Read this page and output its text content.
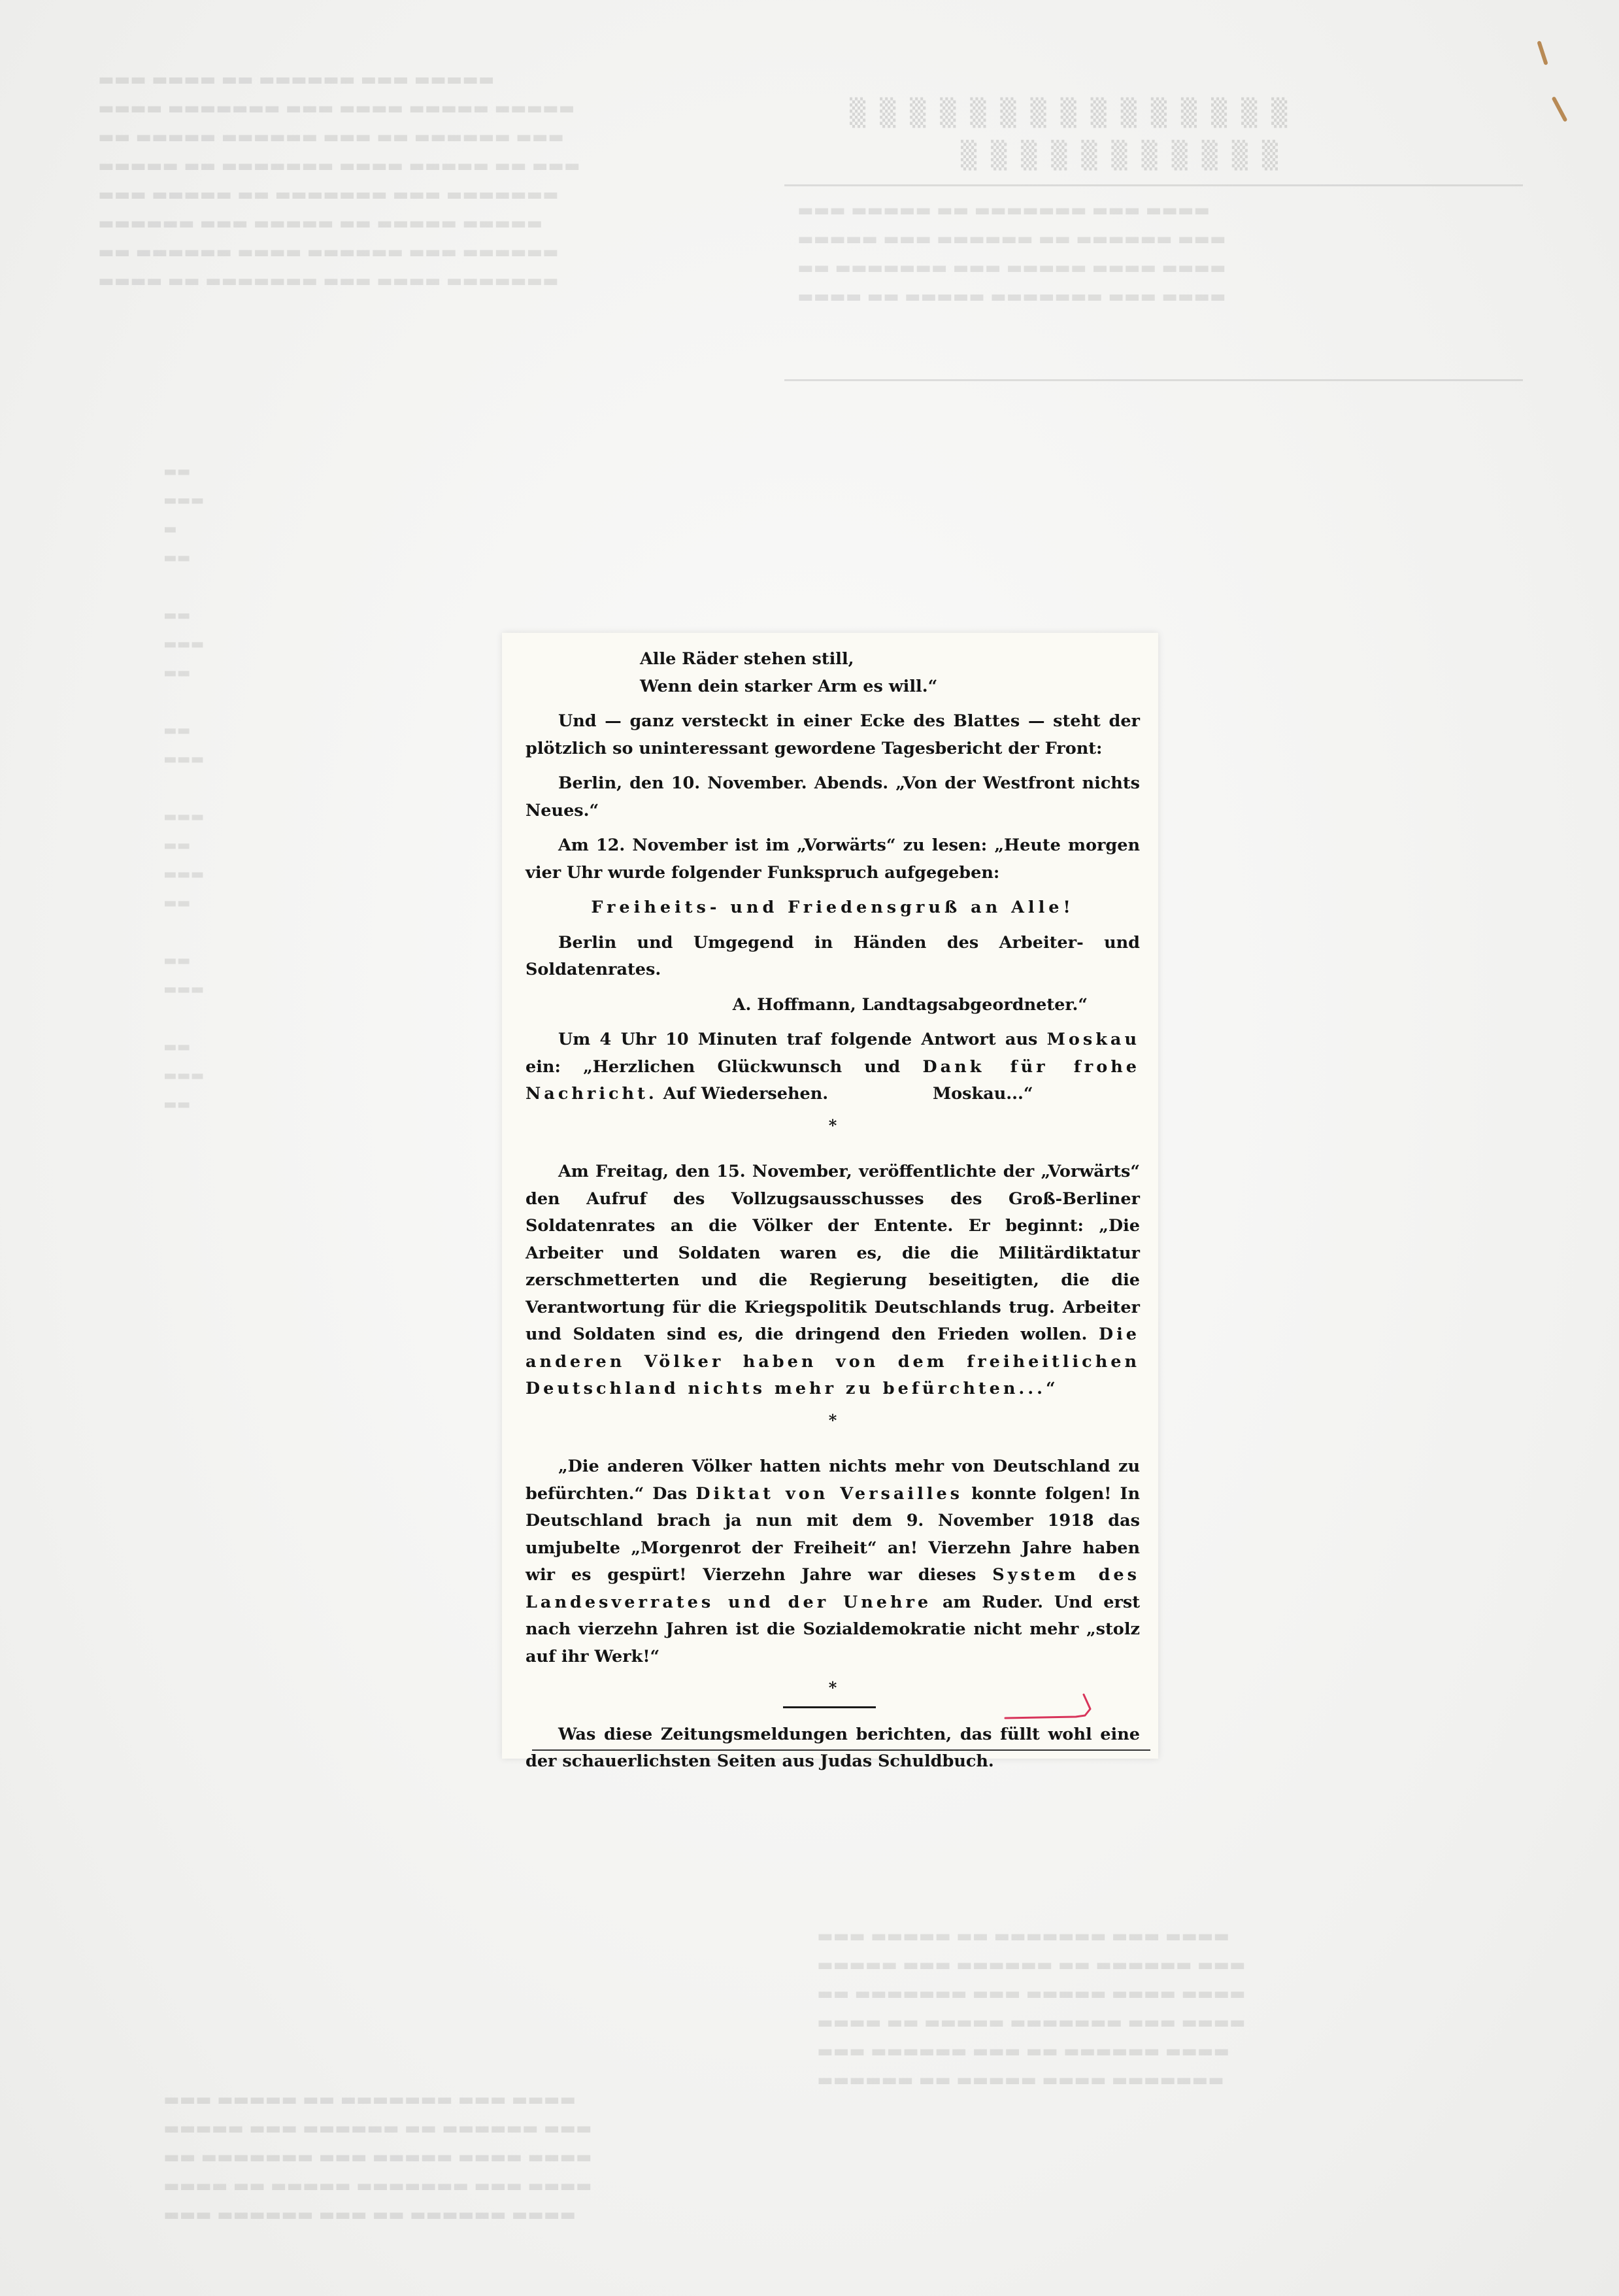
▒▒▒▒▒▒▒▒▒▒▒▒▒▒▒
▒▒▒▒▒▒▒▒▒▒▒
▬▬▬ ▬▬▬▬ ▬▬ ▬▬▬▬▬▬ ▬▬▬ ▬▬▬▬▬
▬▬▬▬ ▬▬▬▬▬▬▬ ▬▬▬ ▬▬▬▬ ▬▬▬▬▬ ▬▬▬▬▬
▬▬ ▬▬▬▬▬ ▬▬▬▬▬▬ ▬▬▬ ▬▬ ▬▬▬▬▬▬ ▬▬▬
▬▬▬▬▬ ▬▬ ▬▬▬▬▬▬▬ ▬▬▬▬ ▬▬▬▬▬ ▬▬ ▬▬▬
▬▬▬ ▬▬▬▬▬ ▬▬ ▬▬▬▬▬▬▬ ▬▬▬ ▬▬▬▬▬▬▬
▬▬▬▬▬▬ ▬▬▬ ▬▬▬▬▬ ▬▬ ▬▬▬▬▬ ▬▬▬▬▬
▬▬ ▬▬▬▬▬▬ ▬▬▬▬ ▬▬▬▬▬▬ ▬▬▬ ▬▬▬▬▬▬
▬▬▬▬ ▬▬ ▬▬▬▬▬▬▬ ▬▬▬ ▬▬▬▬ ▬▬▬▬▬▬▬
▬▬▬ ▬▬▬▬▬ ▬▬ ▬▬▬▬▬▬▬ ▬▬▬ ▬▬▬▬
▬▬▬▬▬ ▬▬▬ ▬▬▬▬▬▬ ▬▬ ▬▬▬▬▬▬ ▬▬▬
▬▬ ▬▬▬▬▬▬▬ ▬▬▬ ▬▬▬▬▬ ▬▬▬▬ ▬▬▬▬
▬▬▬▬ ▬▬ ▬▬▬▬▬ ▬▬▬▬▬▬▬ ▬▬▬ ▬▬▬▬
▬▬▬ ▬▬▬▬▬ ▬▬ ▬▬▬▬▬▬▬ ▬▬▬ ▬▬▬▬
▬▬▬▬▬ ▬▬▬ ▬▬▬▬▬▬ ▬▬ ▬▬▬▬▬▬ ▬▬▬
▬▬ ▬▬▬▬▬▬▬ ▬▬▬ ▬▬▬▬▬ ▬▬▬▬ ▬▬▬▬
▬▬▬▬ ▬▬ ▬▬▬▬▬ ▬▬▬▬▬▬▬ ▬▬▬ ▬▬▬▬
▬▬▬ ▬▬▬▬▬▬ ▬▬▬ ▬▬ ▬▬▬▬▬▬ ▬▬▬▬
▬▬▬▬▬▬ ▬▬ ▬▬▬▬▬ ▬▬▬▬ ▬▬▬▬▬▬▬
▬▬▬ ▬▬▬▬▬ ▬▬ ▬▬▬▬▬▬▬ ▬▬▬ ▬▬▬▬
▬▬▬▬▬ ▬▬▬ ▬▬▬▬▬▬ ▬▬ ▬▬▬▬▬▬ ▬▬▬
▬▬ ▬▬▬▬▬▬▬ ▬▬▬ ▬▬▬▬▬ ▬▬▬▬ ▬▬▬▬
▬▬▬▬ ▬▬ ▬▬▬▬▬ ▬▬▬▬▬▬▬ ▬▬▬ ▬▬▬▬
▬▬▬ ▬▬▬▬▬▬ ▬▬▬ ▬▬ ▬▬▬▬▬▬ ▬▬▬▬
▬▬
▬▬▬
▬
▬▬

▬▬
▬▬▬
▬▬

▬▬
▬▬▬

▬▬▬
▬▬
▬▬▬
▬▬

▬▬
▬▬▬

▬▬
▬▬▬
▬▬

Alle Räder stehen still,

Wenn dein starker Arm es will.“

Und — ganz versteckt in einer Ecke des Blattes — steht der plötzlich so uninteressant gewordene Tagesbericht der Front:

Berlin, den 10. November. Abends. „Von der Westfront nichts Neues.“

Am 12. November ist im „Vorwärts“ zu lesen: „Heute morgen vier Uhr wurde folgender Funkspruch aufgegeben:

Freiheits- und Friedensgruß an Alle!

Berlin und Umgegend in Händen des Arbeiter- und Soldatenrates.

A. Hoffmann, Landtagsabgeordneter.“

Um 4 Uhr 10 Minuten traf folgende Antwort aus Moskau ein: „Herzlichen Glückwunsch und Dank für frohe Nachricht. Auf Wiedersehen.                  Moskau...“

*

Am Freitag, den 15. November, veröffentlichte der „Vorwärts“ den Aufruf des Vollzugsausschusses des Groß-Berliner Soldatenrates an die Völker der Entente. Er beginnt: „Die Arbeiter und Soldaten waren es, die die Militärdiktatur zerschmetterten und die Regierung beseitigten, die die Verantwortung für die Kriegspolitik Deutschlands trug. Arbeiter und Soldaten sind es, die dringend den Frieden wollen. Die anderen Völker haben von dem freiheitlichen Deutschland nichts mehr zu befürchten...“

*

„Die anderen Völker hatten nichts mehr von Deutschland zu befürchten.“ Das Diktat von Versailles konnte folgen! In Deutschland brach ja nun mit dem 9. November 1918 das umjubelte „Morgenrot der Freiheit“ an! Vierzehn Jahre haben wir es gespürt! Vierzehn Jahre war dieses System des Landesverrates und der Unehre am Ruder. Und erst nach vierzehn Jahren ist die Sozialdemokratie nicht mehr „stolz auf ihr Werk!“

*

Was diese Zeitungsmeldungen berichten, das füllt wohl eine der schauerlichsten Seiten aus Judas Schuldbuch.
